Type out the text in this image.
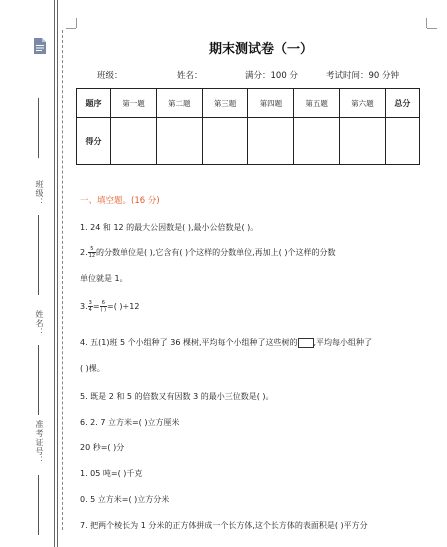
班级：
姓名：
准考证号：
期末测试卷（一）
班级：	姓名：	满分：100 分	考试时间：90 分钟
题序	第一题	第二题	第三题	第四题	第五题	第六题	总分
得分							
一、填空题。(16 分)
1. 24 和 12 的最大公因数是( ),最小公倍数是( )。
2. $\frac{5}{12}$ 的分数单位是( ),它含有( )个这样的分数单位,再加上( )个这样的分数
单位就是 1。
3. $\frac{3}{4} = \frac{6}{( )}$ =( )÷12
4. 五(1)班 5 个小组种了 36 棵树,平均每个小组种了这些树的 ,平均每小组种了
( )棵。
5. 既是 2 和 5 的倍数又有因数 3 的最小三位数是( )。
6. 2. 7 立方米=( )立方厘米
20 秒=( )分
1. 05 吨=( )千克
0. 5 立方米=( )立方分米
7. 把两个棱长为 1 分米的正方体拼成一个长方体,这个长方体的表面积是( )平方分
